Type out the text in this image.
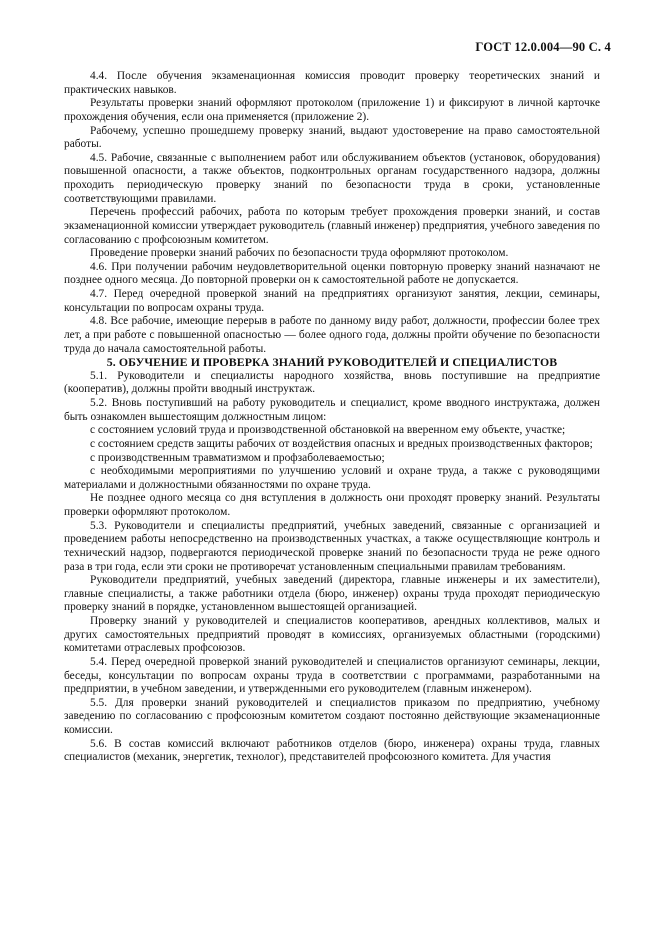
ГОСТ 12.0.004—90 С. 4

4.4. После обучения экзаменационная комиссия проводит проверку теоретических знаний и практических навыков.

Результаты проверки знаний оформляют протоколом (приложение 1) и фиксируют в личной карточке прохождения обучения, если она применяется (приложение 2).

Рабочему, успешно прошедшему проверку знаний, выдают удостоверение на право самостоятельной работы.

4.5. Рабочие, связанные с выполнением работ или обслуживанием объектов (установок, оборудования) повышенной опасности, а также объектов, подконтрольных органам государственного надзора, должны проходить периодическую проверку знаний по безопасности труда в сроки, установленные соответствующими правилами.

Перечень профессий рабочих, работа по которым требует прохождения проверки знаний, и состав экзаменационной комиссии утверждает руководитель (главный инженер) предприятия, учебного заведения по согласованию с профсоюзным комитетом.

Проведение проверки знаний рабочих по безопасности труда оформляют протоколом.

4.6. При получении рабочим неудовлетворительной оценки повторную проверку знаний назначают не позднее одного месяца. До повторной проверки он к самостоятельной работе не допускается.

4.7. Перед очередной проверкой знаний на предприятиях организуют занятия, лекции, семинары, консультации по вопросам охраны труда.

4.8. Все рабочие, имеющие перерыв в работе по данному виду работ, должности, профессии более трех лет, а при работе с повышенной опасностью — более одного года, должны пройти обучение по безопасности труда до начала самостоятельной работы.

5. ОБУЧЕНИЕ И ПРОВЕРКА ЗНАНИЙ РУКОВОДИТЕЛЕЙ И СПЕЦИАЛИСТОВ

5.1. Руководители и специалисты народного хозяйства, вновь поступившие на предприятие (кооператив), должны пройти вводный инструктаж.

5.2. Вновь поступивший на работу руководитель и специалист, кроме вводного инструктажа, должен быть ознакомлен вышестоящим должностным лицом:

с состоянием условий труда и производственной обстановкой на вверенном ему объекте, участке;

с состоянием средств защиты рабочих от воздействия опасных и вредных производственных факторов;

с производственным травматизмом и профзаболеваемостью;

с необходимыми мероприятиями по улучшению условий и охране труда, а также с руководящими материалами и должностными обязанностями по охране труда.

Не позднее одного месяца со дня вступления в должность они проходят проверку знаний. Результаты проверки оформляют протоколом.

5.3. Руководители и специалисты предприятий, учебных заведений, связанные с организацией и проведением работы непосредственно на производственных участках, а также осуществляющие контроль и технический надзор, подвергаются периодической проверке знаний по безопасности труда не реже одного раза в три года, если эти сроки не противоречат установленным специальными правилам требованиям.

Руководители предприятий, учебных заведений (директора, главные инженеры и их заместители), главные специалисты, а также работники отдела (бюро, инженер) охраны труда проходят периодическую проверку знаний в порядке, установленном вышестоящей организацией.

Проверку знаний у руководителей и специалистов кооперативов, арендных коллективов, малых и других самостоятельных предприятий проводят в комиссиях, организуемых областными (городскими) комитетами отраслевых профсоюзов.

5.4. Перед очередной проверкой знаний руководителей и специалистов организуют семинары, лекции, беседы, консультации по вопросам охраны труда в соответствии с программами, разработанными на предприятии, в учебном заведении, и утвержденными его руководителем (главным инженером).

5.5. Для проверки знаний руководителей и специалистов приказом по предприятию, учебному заведению по согласованию с профсоюзным комитетом создают постоянно действующие экзаменационные комиссии.

5.6. В состав комиссий включают работников отделов (бюро, инженера) охраны труда, главных специалистов (механик, энергетик, технолог), представителей профсоюзного комитета. Для участия
